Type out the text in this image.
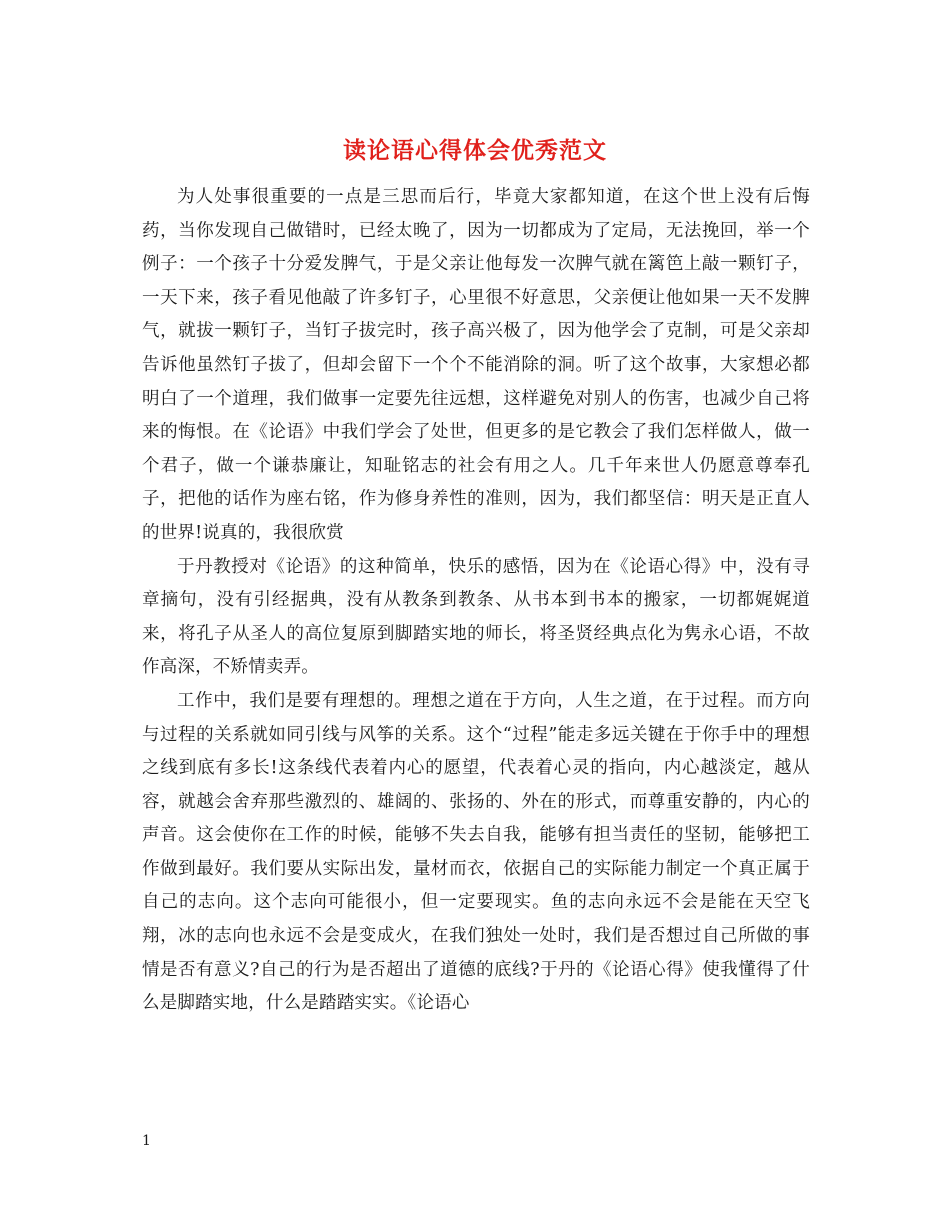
读论语心得体会优秀范文

为人处事很重要的一点是三思而后行，毕竟大家都知道，在这个世上没有后悔药，当你发现自己做错时，已经太晚了，因为一切都成为了定局，无法挽回，举一个例子：一个孩子十分爱发脾气，于是父亲让他每发一次脾气就在篱笆上敲一颗钉子，一天下来，孩子看见他敲了许多钉子，心里很不好意思，父亲便让他如果一天不发脾气，就拔一颗钉子，当钉子拔完时，孩子高兴极了，因为他学会了克制，可是父亲却告诉他虽然钉子拔了，但却会留下一个个不能消除的洞。听了这个故事，大家想必都明白了一个道理，我们做事一定要先往远想，这样避免对别人的伤害，也减少自己将来的悔恨。在《论语》中我们学会了处世，但更多的是它教会了我们怎样做人，做一个君子，做一个谦恭廉让，知耻铭志的社会有用之人。几千年来世人仍愿意尊奉孔子，把他的话作为座右铭，作为修身养性的准则，因为，我们都坚信：明天是正直人的世界!说真的，我很欣赏

于丹教授对《论语》的这种简单，快乐的感悟，因为在《论语心得》中，没有寻章摘句，没有引经据典，没有从教条到教条、从书本到书本的搬家，一切都娓娓道来，将孔子从圣人的高位复原到脚踏实地的师长，将圣贤经典点化为隽永心语，不故作高深，不矫情卖弄。

工作中，我们是要有理想的。理想之道在于方向，人生之道，在于过程。而方向与过程的关系就如同引线与风筝的关系。这个“过程”能走多远关键在于你手中的理想之线到底有多长!这条线代表着内心的愿望，代表着心灵的指向，内心越淡定，越从容，就越会舍弃那些激烈的、雄阔的、张扬的、外在的形式，而尊重安静的，内心的声音。这会使你在工作的时候，能够不失去自我，能够有担当责任的坚韧，能够把工作做到最好。我们要从实际出发，量材而衣，依据自己的实际能力制定一个真正属于自己的志向。这个志向可能很小，但一定要现实。鱼的志向永远不会是能在天空飞翔，冰的志向也永远不会是变成火，在我们独处一处时，我们是否想过自己所做的事情是否有意义?自己的行为是否超出了道德的底线?于丹的《论语心得》使我懂得了什么是脚踏实地，什么是踏踏实实。《论语心

1
